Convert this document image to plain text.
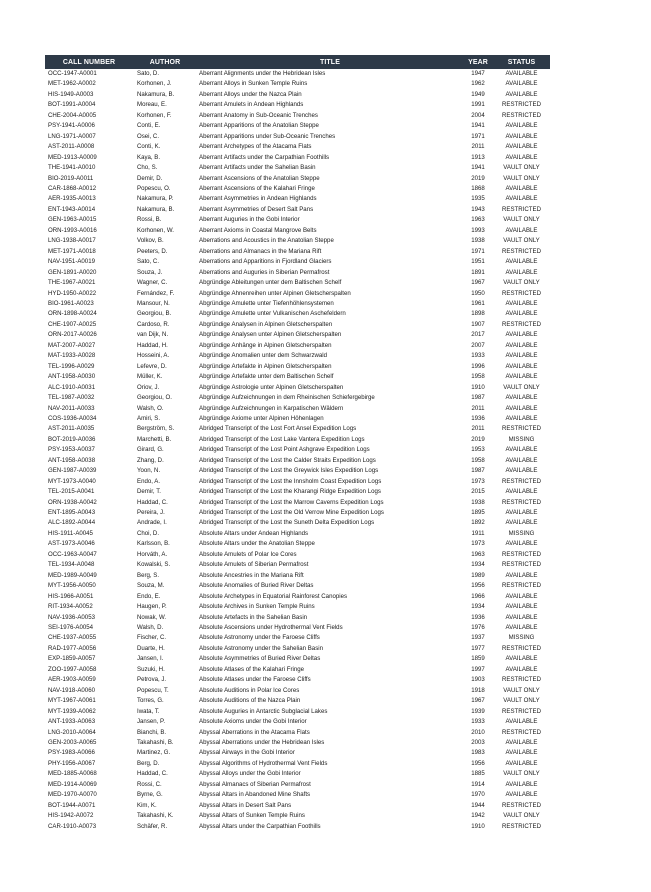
CALL NUMBER	AUTHOR	TITLE	YEAR	STATUS
OCC-1947-A0001	Sato, D.	Aberrant Alignments under the Hebridean Isles	1947	AVAILABLE
MET-1962-A0002	Korhonen, J.	Aberrant Alloys in Sunken Temple Ruins	1962	AVAILABLE
HIS-1949-A0003	Nakamura, B.	Aberrant Alloys under the Nazca Plain	1949	AVAILABLE
BOT-1991-A0004	Moreau, E.	Aberrant Amulets in Andean Highlands	1991	RESTRICTED
CHE-2004-A0005	Korhonen, F.	Aberrant Anatomy in Sub-Oceanic Trenches	2004	RESTRICTED
PSY-1941-A0006	Conti, E.	Aberrant Apparitions of the Anatolian Steppe	1941	AVAILABLE
LNG-1971-A0007	Osei, C.	Aberrant Apparitions under Sub-Oceanic Trenches	1971	AVAILABLE
AST-2011-A0008	Conti, K.	Aberrant Archetypes of the Atacama Flats	2011	AVAILABLE
MED-1913-A0009	Kaya, B.	Aberrant Artifacts under the Carpathian Foothills	1913	AVAILABLE
THE-1941-A0010	Cho, S.	Aberrant Artifacts under the Sahelian Basin	1941	VAULT ONLY
BIO-2019-A0011	Demir, D.	Aberrant Ascensions of the Anatolian Steppe	2019	VAULT ONLY
CAR-1868-A0012	Popescu, O.	Aberrant Ascensions of the Kalahari Fringe	1868	AVAILABLE
AER-1935-A0013	Nakamura, P.	Aberrant Asymmetries in Andean Highlands	1935	AVAILABLE
ENT-1943-A0014	Nakamura, B.	Aberrant Asymmetries of Desert Salt Pans	1943	RESTRICTED
GEN-1963-A0015	Rossi, B.	Aberrant Auguries in the Gobi Interior	1963	VAULT ONLY
ORN-1993-A0016	Korhonen, W.	Aberrant Axioms in Coastal Mangrove Belts	1993	AVAILABLE
LNG-1938-A0017	Volkov, B.	Aberrations and Acoustics in the Anatolian Steppe	1938	VAULT ONLY
MET-1971-A0018	Peeters, D.	Aberrations and Almanacs in the Mariana Rift	1971	RESTRICTED
NAV-1951-A0019	Sato, C.	Aberrations and Apparitions in Fjordland Glaciers	1951	AVAILABLE
GEN-1891-A0020	Souza, J.	Aberrations and Auguries in Siberian Permafrost	1891	AVAILABLE
THE-1967-A0021	Wagner, C.	Abgründige Ableitungen unter dem Baltischen Schelf	1967	VAULT ONLY
HYD-1950-A0022	Fernández, F.	Abgründige Ahnenreihen unter Alpinen Gletscherspalten	1950	RESTRICTED
BIO-1961-A0023	Mansour, N.	Abgründige Amulette unter Tiefenhöhlensystemen	1961	AVAILABLE
ORN-1898-A0024	Georgiou, B.	Abgründige Amulette unter Vulkanischen Aschefeldern	1898	AVAILABLE
CHE-1907-A0025	Cardoso, R.	Abgründige Analysen in Alpinen Gletscherspalten	1907	RESTRICTED
ORN-2017-A0026	van Dijk, N.	Abgründige Analysen unter Alpinen Gletscherspalten	2017	AVAILABLE
MAT-2007-A0027	Haddad, H.	Abgründige Anhänge in Alpinen Gletscherspalten	2007	AVAILABLE
MAT-1933-A0028	Hosseini, A.	Abgründige Anomalien unter dem Schwarzwald	1933	AVAILABLE
TEL-1996-A0029	Lefevre, D.	Abgründige Artefakte in Alpinen Gletscherspalten	1996	AVAILABLE
ANT-1958-A0030	Müller, K.	Abgründige Artefakte unter dem Baltischen Schelf	1958	AVAILABLE
ALC-1910-A0031	Oriov, J.	Abgründige Astrologie unter Alpinen Gletscherspalten	1910	VAULT ONLY
TEL-1987-A0032	Georgiou, O.	Abgründige Aufzeichnungen in dem Rheinischen Schiefergebirge	1987	AVAILABLE
NAV-2011-A0033	Walsh, O.	Abgründige Aufzeichnungen in Karpatischen Wäldern	2011	AVAILABLE
COS-1936-A0034	Amiri, S.	Abgründige Axiome unter Alpinen Höhenlagen	1936	AVAILABLE
AST-2011-A0035	Bergström, S.	Abridged Transcript of the Lost Fort Ansel Expedition Logs	2011	RESTRICTED
BOT-2019-A0036	Marchetti, B.	Abridged Transcript of the Lost Lake Vantera Expedition Logs	2019	MISSING
PSY-1953-A0037	Girard, G.	Abridged Transcript of the Lost Point Ashgrave Expedition Logs	1953	AVAILABLE
ANT-1958-A0038	Zhang, D.	Abridged Transcript of the Lost the Calder Straits Expedition Logs	1958	AVAILABLE
GEN-1987-A0039	Yoon, N.	Abridged Transcript of the Lost the Greywick Isles Expedition Logs	1987	AVAILABLE
MYT-1973-A0040	Endo, A.	Abridged Transcript of the Lost the Innsholm Coast Expedition Logs	1973	RESTRICTED
TEL-2015-A0041	Demir, T.	Abridged Transcript of the Lost the Kharangi Ridge Expedition Logs	2015	AVAILABLE
ORN-1938-A0042	Haddad, C.	Abridged Transcript of the Lost the Marrow Caverns Expedition Logs	1938	RESTRICTED
ENT-1895-A0043	Pereira, J.	Abridged Transcript of the Lost the Old Verrow Mine Expedition Logs	1895	AVAILABLE
ALC-1892-A0044	Andrade, I.	Abridged Transcript of the Lost the Suneth Delta Expedition Logs	1892	AVAILABLE
HIS-1911-A0045	Choi, D.	Absolute Altars under Andean Highlands	1911	MISSING
AST-1973-A0046	Karlsson, B.	Absolute Altars under the Anatolian Steppe	1973	AVAILABLE
OCC-1963-A0047	Horváth, A.	Absolute Amulets of Polar Ice Cores	1963	RESTRICTED
TEL-1934-A0048	Kowalski, S.	Absolute Amulets of Siberian Permafrost	1934	RESTRICTED
MED-1989-A0049	Berg, S.	Absolute Ancestries in the Mariana Rift	1989	AVAILABLE
MYT-1956-A0050	Souza, M.	Absolute Anomalies of Buried River Deltas	1956	RESTRICTED
HIS-1966-A0051	Endo, E.	Absolute Archetypes in Equatorial Rainforest Canopies	1966	AVAILABLE
RIT-1934-A0052	Haugen, P.	Absolute Archives in Sunken Temple Ruins	1934	AVAILABLE
NAV-1936-A0053	Nowak, W.	Absolute Artefacts in the Sahelian Basin	1936	AVAILABLE
SEI-1976-A0054	Walsh, D.	Absolute Ascensions under Hydrothermal Vent Fields	1976	AVAILABLE
CHE-1937-A0055	Fischer, C.	Absolute Astronomy under the Faroese Cliffs	1937	MISSING
RAD-1977-A0056	Duarte, H.	Absolute Astronomy under the Sahelian Basin	1977	RESTRICTED
EXP-1859-A0057	Jansen, I.	Absolute Asymmetries of Buried River Deltas	1859	AVAILABLE
ZOO-1997-A0058	Suzuki, H.	Absolute Atlases of the Kalahari Fringe	1997	AVAILABLE
AER-1903-A0059	Petrova, J.	Absolute Atlases under the Faroese Cliffs	1903	RESTRICTED
NAV-1918-A0060	Popescu, T.	Absolute Auditions in Polar Ice Cores	1918	VAULT ONLY
MYT-1967-A0061	Torres, G.	Absolute Auditions of the Nazca Plain	1967	VAULT ONLY
MYT-1939-A0062	Iwata, T.	Absolute Auguries in Antarctic Subglacial Lakes	1939	RESTRICTED
ANT-1933-A0063	Jansen, P.	Absolute Axioms under the Gobi Interior	1933	AVAILABLE
LNG-2010-A0064	Bianchi, B.	Abyssal Aberrations in the Atacama Flats	2010	RESTRICTED
GEN-2003-A0065	Takahashi, B.	Abyssal Aberrations under the Hebridean Isles	2003	AVAILABLE
PSY-1983-A0066	Martinez, G.	Abyssal Airways in the Gobi Interior	1983	AVAILABLE
PHY-1956-A0067	Berg, D.	Abyssal Algorithms of Hydrothermal Vent Fields	1956	AVAILABLE
MED-1885-A0068	Haddad, C.	Abyssal Alloys under the Gobi Interior	1885	VAULT ONLY
MED-1914-A0069	Rossi, C.	Abyssal Almanacs of Siberian Permafrost	1914	AVAILABLE
MED-1970-A0070	Byrne, G.	Abyssal Altars in Abandoned Mine Shafts	1970	AVAILABLE
BOT-1944-A0071	Kim, K.	Abyssal Altars in Desert Salt Pans	1944	RESTRICTED
HIS-1942-A0072	Takahashi, K.	Abyssal Altars of Sunken Temple Ruins	1942	VAULT ONLY
CAR-1910-A0073	Schäfer, R.	Abyssal Altars under the Carpathian Foothills	1910	RESTRICTED
